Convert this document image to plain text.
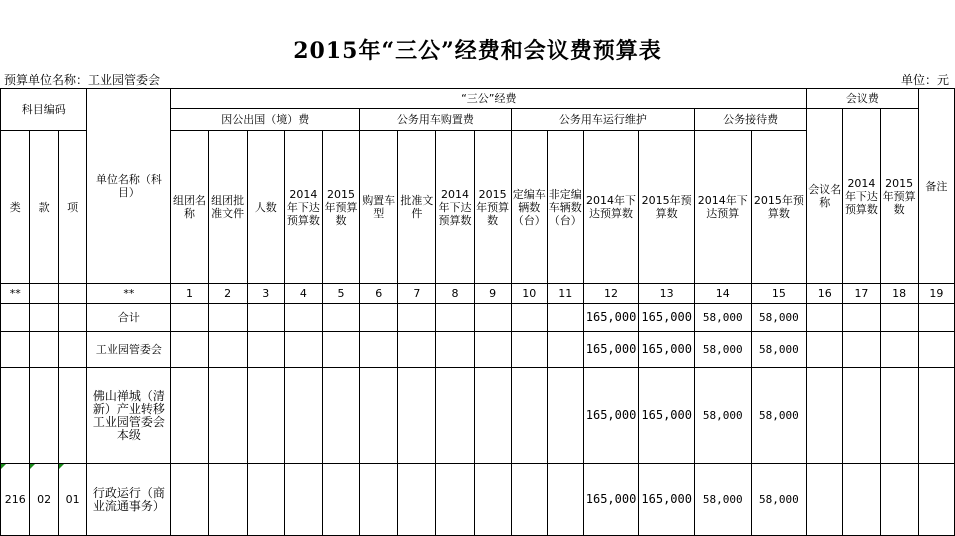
2015年“三公”经费和会议费预算表
预算单位名称：工业园管委会	单位：元
科目编码			单位名称（科目）	“三公”经费															会议费			备注
				因公出国（境）费					公务用车购置费				公务用车运行维护				公务接待费		会议名称	2014年下达预算数	2015年预算数	
类	款	项		组团名称	组团批准文件	人数	2014年下达预算数	2015年预算数	购置车型	批准文件	2014年下达预算数	2015年预算数	定编车辆数（台）	非定编车辆数（台）	2014年下达预算数	2015年预算数	2014年下达预算	2015年预算数				
**			**	1	2	3	4	5	6	7	8	9	10	11	12	13	14	15	16	17	18	19
			合计												165,000	165,000	58,000	58,000				
			工业园管委会												165,000	165,000	58,000	58,000				
			佛山禅城（清新）产业转移工业园管委会本级												165,000	165,000	58,000	58,000				
216	02	01	行政运行（商业流通事务）												165,000	165,000	58,000	58,000				
